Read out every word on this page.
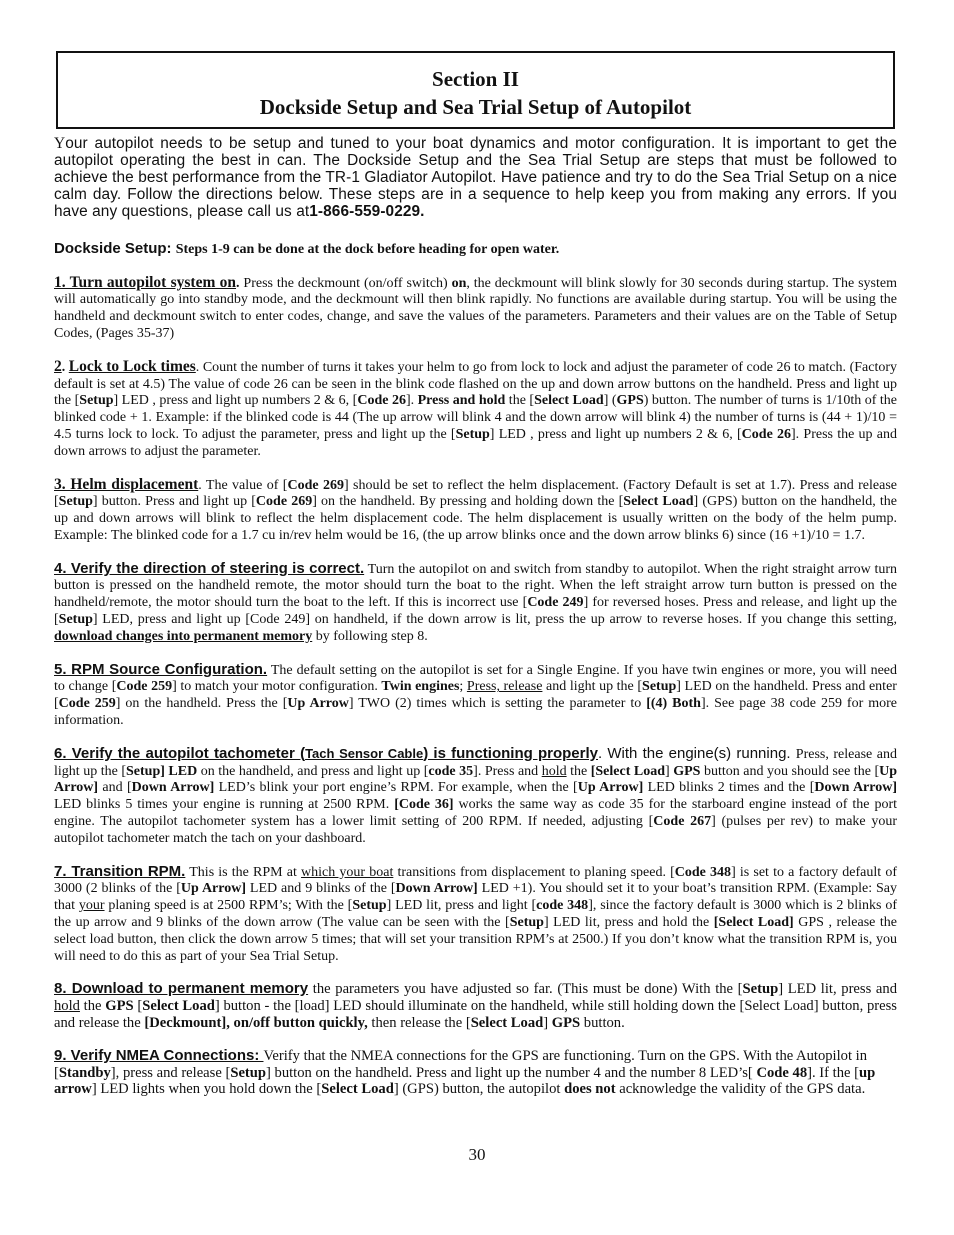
Section II
Dockside Setup and Sea Trial Setup of Autopilot

Your autopilot needs to be setup and tuned to your boat dynamics and motor configuration. It is important to get the autopilot operating the best in can. The Dockside Setup and the Sea Trial Setup are steps that must be followed to achieve the best performance from the TR-1 Gladiator Autopilot. Have patience and try to do the Sea Trial Setup on a nice calm day. Follow the directions below. These steps are in a sequence to help keep you from making any errors. If you have any questions, please call us at1-866-559-0229.

Dockside Setup: Steps 1-9 can be done at the dock before heading for open water.

1. Turn autopilot system on. Press the deckmount (on/off switch) on, the deckmount will blink slowly for 30 seconds during startup. The system will automatically go into standby mode, and the deckmount will then blink rapidly. No functions are available during startup. You will be using the handheld and deckmount switch to enter codes, change, and save the values of the parameters. Parameters and their values are on the Table of Setup Codes, (Pages 35-37)

2. Lock to Lock times. Count the number of turns it takes your helm to go from lock to lock and adjust the parameter of code 26 to match. (Factory default is set at 4.5) The value of code 26 can be seen in the blink code flashed on the up and down arrow buttons on the handheld. Press and light up the [Setup] LED , press and light up numbers 2 & 6, [Code 26]. Press and hold the [Select Load] (GPS) button. The number of turns is 1/10th of the blinked code + 1. Example: if the blinked code is 44 (The up arrow will blink 4 and the down arrow will blink 4) the number of turns is (44 + 1)/10 = 4.5 turns lock to lock. To adjust the parameter, press and light up the [Setup] LED , press and light up numbers 2 & 6, [Code 26]. Press the up and down arrows to adjust the parameter.

3. Helm displacement. The value of [Code 269] should be set to reflect the helm displacement. (Factory Default is set at 1.7). Press and release [Setup] button. Press and light up [Code 269] on the handheld. By pressing and holding down the [Select Load] (GPS) button on the handheld, the up and down arrows will blink to reflect the helm displacement code. The helm displacement is usually written on the body of the helm pump. Example: The blinked code for a 1.7 cu in/rev helm would be 16, (the up arrow blinks once and the down arrow blinks 6) since (16 +1)/10 = 1.7.

4. Verify the direction of steering is correct. Turn the autopilot on and switch from standby to autopilot. When the right straight arrow turn button is pressed on the handheld remote, the motor should turn the boat to the right. When the left straight arrow turn button is pressed on the handheld/remote, the motor should turn the boat to the left. If this is incorrect use [Code 249] for reversed hoses. Press and release, and light up the [Setup] LED, press and light up [Code 249] on handheld, if the down arrow is lit, press the up arrow to reverse hoses. If you change this setting, download changes into permanent memory by following step 8.

5. RPM Source Configuration. The default setting on the autopilot is set for a Single Engine. If you have twin engines or more, you will need to change [Code 259] to match your motor configuration. Twin engines; Press, release and light up the [Setup] LED on the handheld. Press and enter [Code 259] on the handheld. Press the [Up Arrow] TWO (2) times which is setting the parameter to [(4) Both]. See page 38 code 259 for more information.

6. Verify the autopilot tachometer (Tach Sensor Cable) is functioning properly. With the engine(s) running. Press, release and light up the [Setup] LED on the handheld, and press and light up [code 35]. Press and hold the [Select Load] GPS button and you should see the [Up Arrow] and [Down Arrow] LED’s blink your port engine’s RPM. For example, when the [Up Arrow] LED blinks 2 times and the [Down Arrow] LED blinks 5 times your engine is running at 2500 RPM. [Code 36] works the same way as code 35 for the starboard engine instead of the port engine. The autopilot tachometer system has a lower limit setting of 200 RPM. If needed, adjusting [Code 267] (pulses per rev) to make your autopilot tachometer match the tach on your dashboard.

7. Transition RPM. This is the RPM at which your boat transitions from displacement to planing speed. [Code 348] is set to a factory default of 3000 (2 blinks of the [Up Arrow] LED and 9 blinks of the [Down Arrow] LED +1). You should set it to your boat’s transition RPM. (Example: Say that your planing speed is at 2500 RPM’s; With the [Setup] LED lit, press and light [code 348], since the factory default is 3000 which is 2 blinks of the up arrow and 9 blinks of the down arrow (The value can be seen with the [Setup] LED lit, press and hold the [Select Load] GPS , release the select load button, then click the down arrow 5 times; that will set your transition RPM’s at 2500.) If you don’t know what the transition RPM is, you will need to do this as part of your Sea Trial Setup.

8. Download to permanent memory the parameters you have adjusted so far. (This must be done) With the [Setup] LED lit, press and hold the GPS [Select Load] button - the [load] LED should illuminate on the handheld, while still holding down the [Select Load] button, press and release the [Deckmount], on/off button quickly, then release the [Select Load] GPS button.

9. Verify NMEA Connections: Verify that the NMEA connections for the GPS are functioning. Turn on the GPS. With the Autopilot in [Standby], press and release [Setup] button on the handheld. Press and light up the number 4 and the number 8 LED’s[ Code 48]. If the [up arrow] LED lights when you hold down the [Select Load] (GPS) button, the autopilot does not acknowledge the validity of the GPS data.

30
